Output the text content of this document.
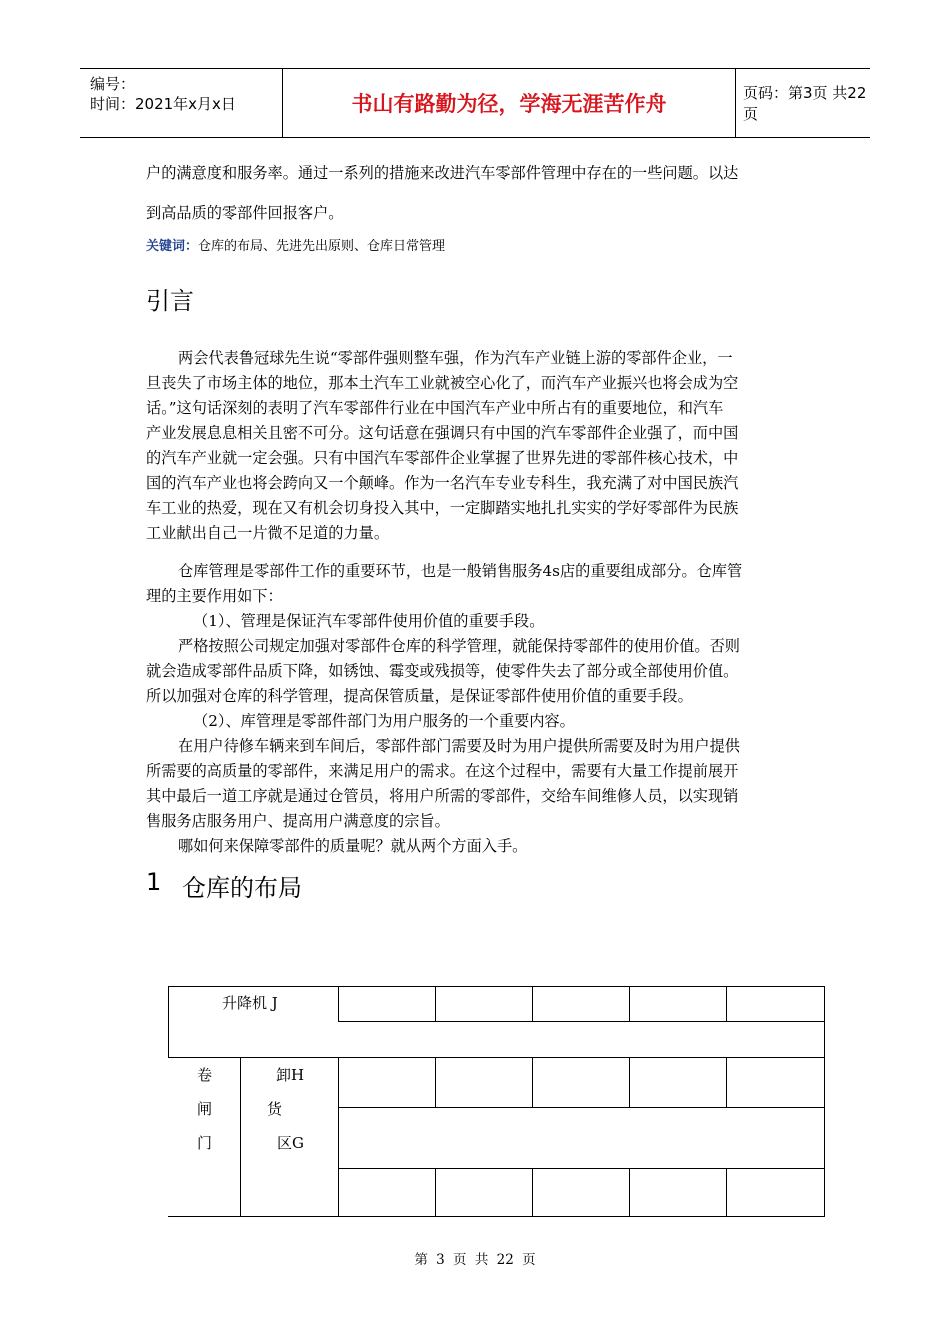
编号：
时间：2021年x月x日	书山有路勤为径，学海无涯苦作舟	页码：第3页 共22页
户的满意度和服务率。通过一系列的措施来改进汽车零部件管理中存在的一些问题。以达
到高品质的零部件回报客户。
关键词：仓库的布局、先进先出原则、仓库日常管理
引言
两会代表鲁冠球先生说“零部件强则整车强，作为汽车产业链上游的零部件企业，一
旦丧失了市场主体的地位，那本土汽车工业就被空心化了，而汽车产业振兴也将会成为空
话。”这句话深刻的表明了汽车零部件行业在中国汽车产业中所占有的重要地位，和汽车
产业发展息息相关且密不可分。这句话意在强调只有中国的汽车零部件企业强了，而中国
的汽车产业就一定会强。只有中国汽车零部件企业掌握了世界先进的零部件核心技术，中
国的汽车产业也将会跨向又一个颠峰。作为一名汽车专业专科生，我充满了对中国民族汽
车工业的热爱，现在又有机会切身投入其中，一定脚踏实地扎扎实实的学好零部件为民族
工业献出自己一片微不足道的力量。
仓库管理是零部件工作的重要环节，也是一般销售服务4s店的重要组成部分。仓库管
理的主要作用如下：
（1）、管理是保证汽车零部件使用价值的重要手段。
严格按照公司规定加强对零部件仓库的科学管理，就能保持零部件的使用价值。否则
就会造成零部件品质下降，如锈蚀、霉变或残损等，使零件失去了部分或全部使用价值。
所以加强对仓库的科学管理，提高保管质量，是保证零部件使用价值的重要手段。
（2）、库管理是零部件部门为用户服务的一个重要内容。
在用户待修车辆来到车间后，零部件部门需要及时为用户提供所需要及时为用户提供
所需要的高质量的零部件，来满足用户的需求。在这个过程中，需要有大量工作提前展开
其中最后一道工序就是通过仓管员，将用户所需的零部件，交给车间维修人员，以实现销
售服务店服务用户、提高用户满意度的宗旨。
哪如何来保障零部件的质量呢？就从两个方面入手。
1 仓库的布局
升降机 J
卷
闸
门
卸H
货
区G
第 3 页 共 22 页
